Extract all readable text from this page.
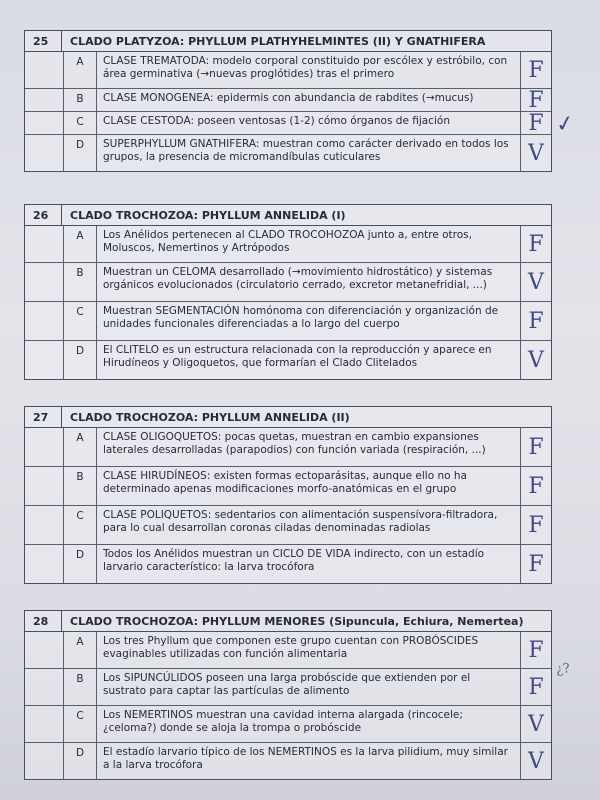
25	CLADO PLATYZOA: PHYLLUM PLATHYHELMINTES (II) Y GNATHIFERA
A	CLASE TREMATODA: modelo corporal constituido por escólex y estróbilo, con área germinativa (→nuevas proglótides) tras el primero	F
B	CLASE MONOGENEA: epidermis con abundancia de rabdites (→mucus)	F
C	CLASE CESTODA: poseen ventosas (1-2) cómo órganos de fijación	F
D	SUPERPHYLLUM GNATHIFERA: muestran como carácter derivado en todos los grupos, la presencia de micromandíbulas cuticulares	V
26	CLADO TROCHOZOA: PHYLLUM ANNELIDA (I)
A	Los Anélidos pertenecen al CLADO TROCOHOZOA junto a, entre otros, Moluscos, Nemertinos y Artrópodos	F
B	Muestran un CELOMA desarrollado (→movimiento hidrostático) y sistemas orgánicos evolucionados (circulatorio cerrado, excretor metanefridial, ...)	V
C	Muestran SEGMENTACIÓN homónoma con diferenciación y organización de unidades funcionales diferenciadas a lo largo del cuerpo	F
D	El CLITELO es un estructura relacionada con la reproducción y aparece en Hirudíneos y Oligoquetos, que formarían el Clado Clitelados	V
27	CLADO TROCHOZOA: PHYLLUM ANNELIDA (II)
A	CLASE OLIGOQUETOS: pocas quetas, muestran en cambio expansiones laterales desarrolladas (parapodios) con función variada (respiración, ...)	F
B	CLASE HIRUDÍNEOS: existen formas ectoparásitas, aunque ello no ha determinado apenas modificaciones morfo-anatómicas en el grupo	F
C	CLASE POLIQUETOS: sedentarios con alimentación suspensívora-filtradora, para lo cual desarrollan coronas ciladas denominadas radiolas	F
D	Todos los Anélidos muestran un CICLO DE VIDA indirecto, con un estadío larvario característico: la larva trocófora	F
28	CLADO TROCHOZOA: PHYLLUM MENORES (Sipuncula, Echiura, Nemertea)
A	Los tres Phyllum que componen este grupo cuentan con PROBÓSCIDES evaginables utilizadas con función alimentaria	F
B	Los SIPUNCÚLIDOS poseen una larga probóscide que extienden por el sustrato para captar las partículas de alimento	F
C	Los NEMERTINOS muestran una cavidad interna alargada (rincocele; ¿celoma?) donde se aloja la trompa o probóscide	V
D	El estadío larvario típico de los NEMERTINOS es la larva pilidium, muy similar a la larva trocófora	V
✓
¿?
